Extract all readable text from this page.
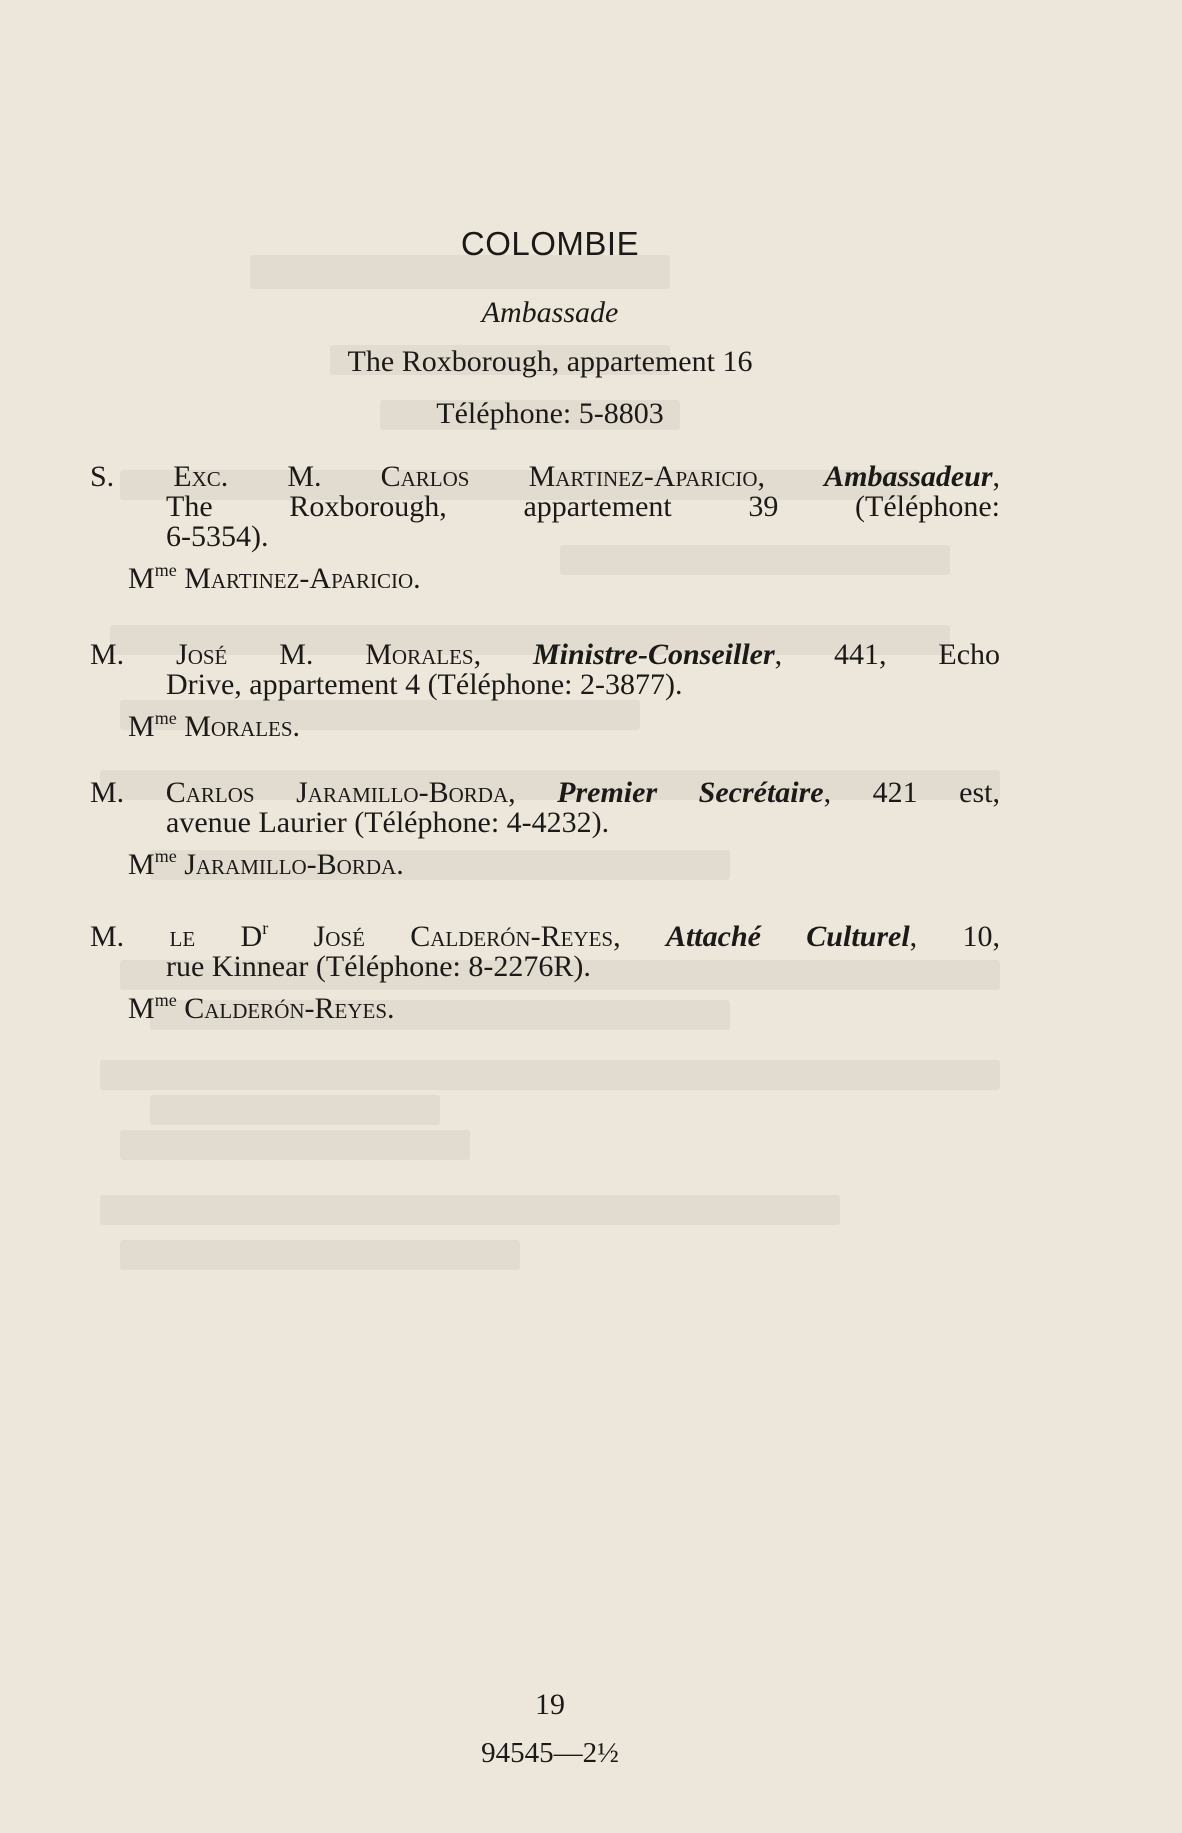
COLOMBIE
Ambassade
The Roxborough, appartement 16
Téléphone: 5-8803
S. Exc. M. Carlos Martinez-Aparicio, Ambassadeur,
The Roxborough, appartement 39 (Téléphone:
6-5354).
$M^{me}$ Martinez-Aparicio.
M. José M. Morales, Ministre-Conseiller, 441, Echo
Drive, appartement 4 (Téléphone: 2-3877).
$M^{me}$ Morales.
M. Carlos Jaramillo-Borda, Premier Secrétaire, 421 est,
avenue Laurier (Téléphone: 4-4232).
$M^{me}$ Jaramillo-Borda.
M. le $D^r$ José Calderón-Reyes, Attaché Culturel, 10,
rue Kinnear (Téléphone: 8-2276R).
$M^{me}$ Calderón-Reyes.
19
94545—2½
